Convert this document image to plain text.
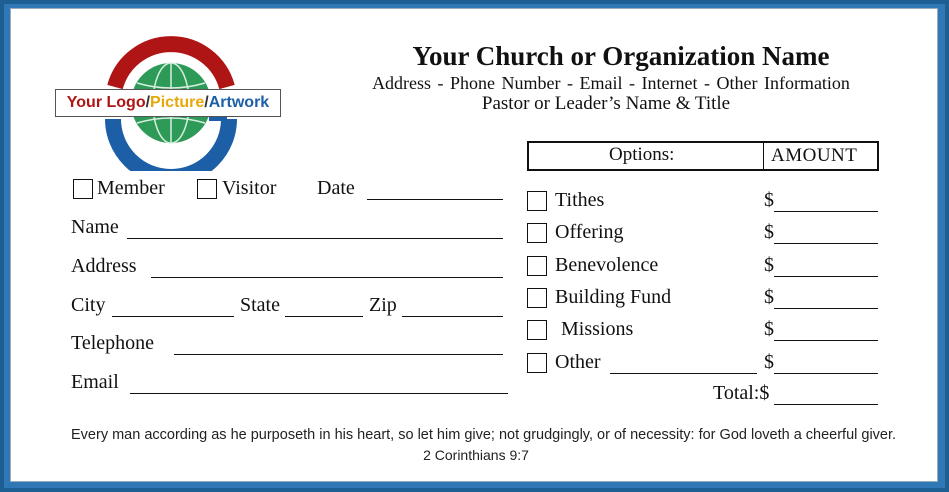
Your Logo/Picture/Artwork
Your Church or Organization Name
Address - Phone Number - Email - Internet - Other Information
Pastor or Leader’s Name & Title
Member	Visitor Date
Name
Address
City	State	Zip
Telephone
Email
Options:	AMOUNT
Tithes	$
Offering	$
Benevolence	$
Building Fund	$
Missions	$
Other	$
Total:$
Every man according as he purposeth in his heart, so let him give; not grudgingly, or of necessity: for God loveth a cheerful giver.
2 Corinthians 9:7
